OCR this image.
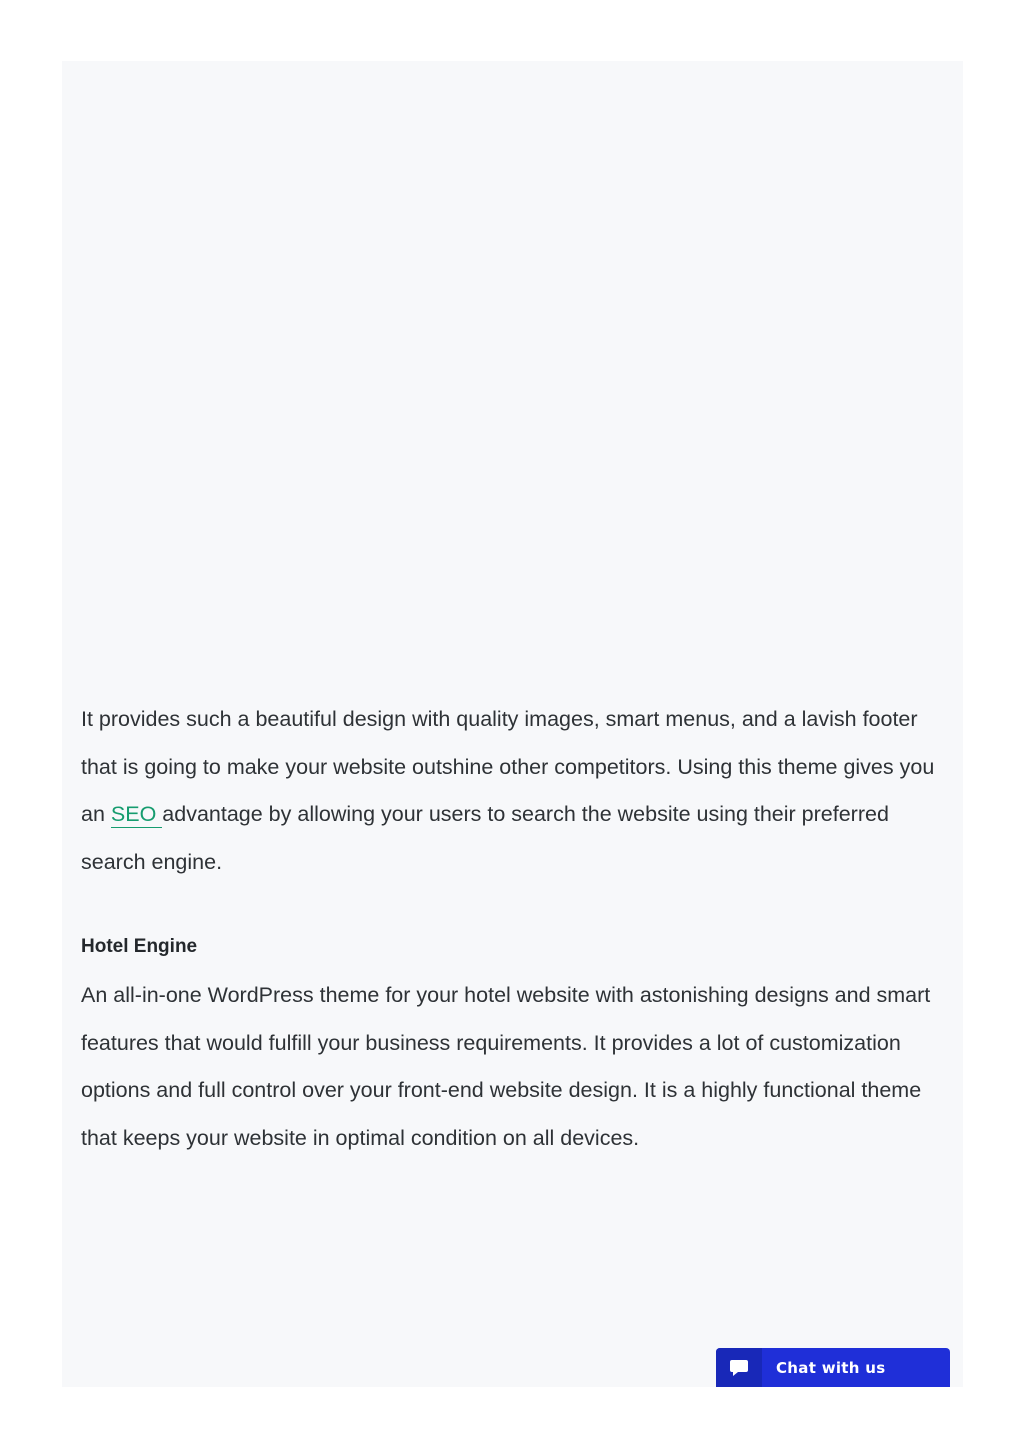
It provides such a beautiful design with quality images, smart menus, and a lavish footer that is going to make your website outshine other competitors. Using this theme gives you an SEO advantage by allowing your users to search the website using their preferred search engine.

Hotel Engine

An all-in-one WordPress theme for your hotel website with astonishing designs and smart features that would fulfill your business requirements. It provides a lot of customization options and full control over your front-end website design. It is a highly functional theme that keeps your website in optimal condition on all devices.

Chat with us
